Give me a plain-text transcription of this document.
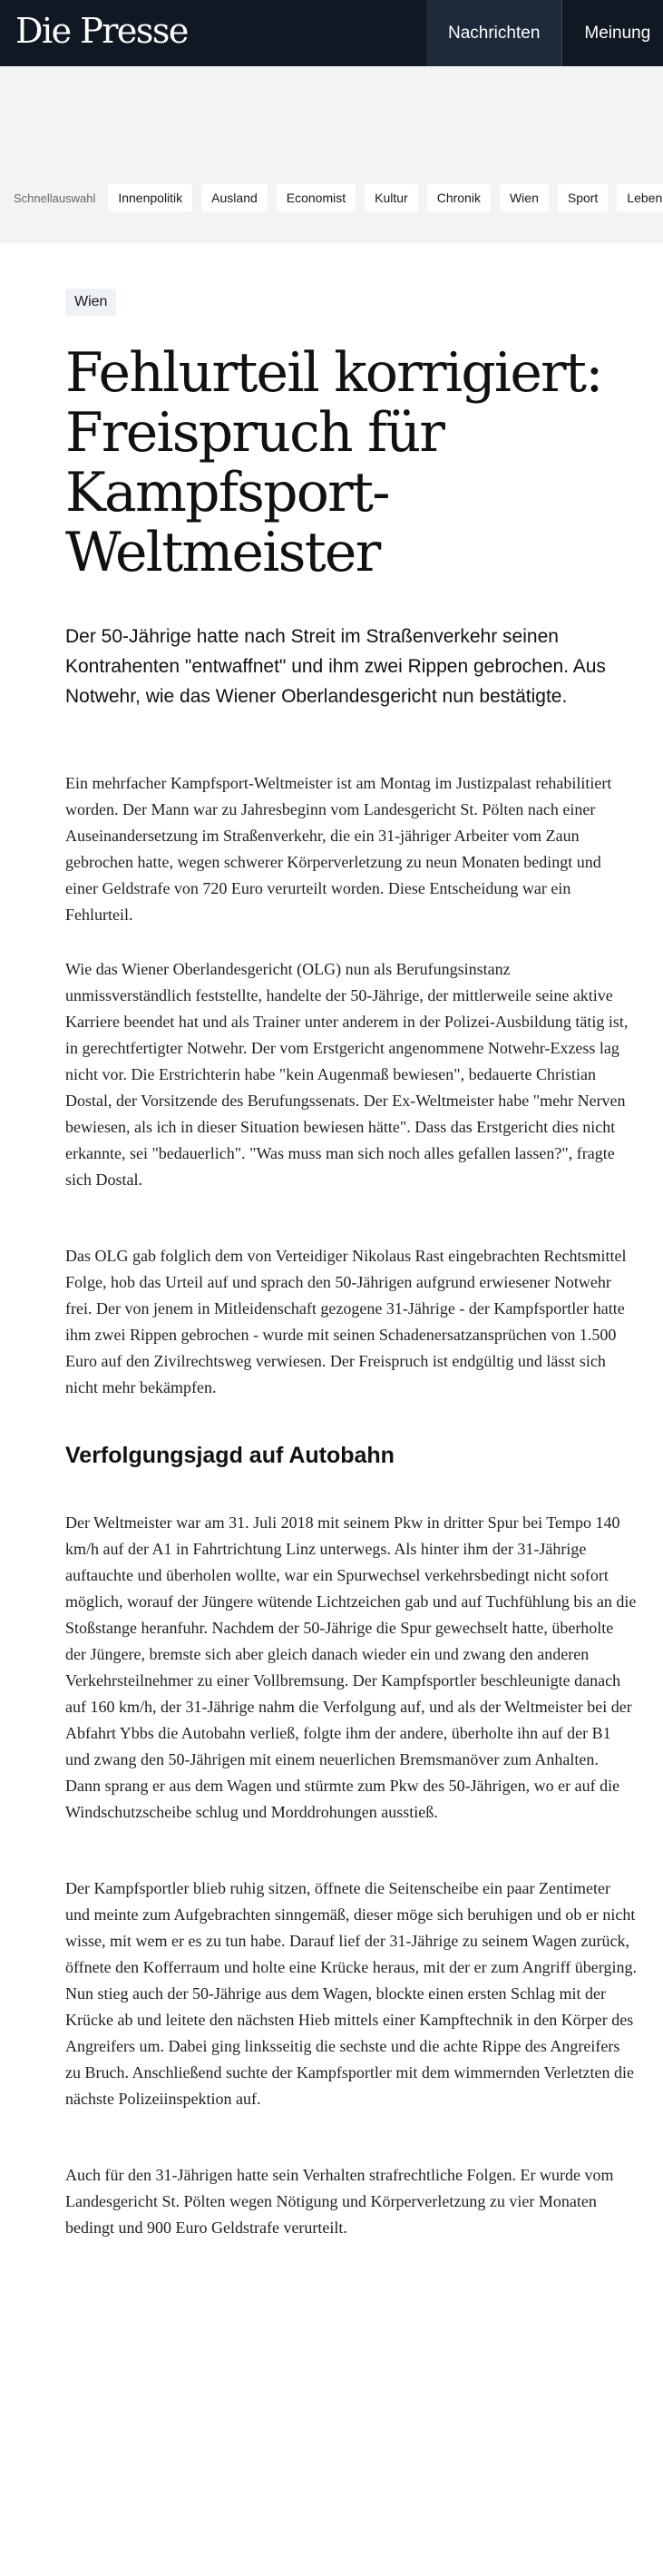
Die Presse	Nachrichten	Meinung
Schnellauswahl	Innenpolitik	Ausland	Economist	Kultur	Chronik	Wien	Sport	Leben
Wien
Fehlurteil korrigiert: Freispruch für Kampfsport-Weltmeister

Der 50-Jährige hatte nach Streit im Straßenverkehr seinen Kontrahenten "entwaffnet" und ihm zwei Rippen gebrochen. Aus Notwehr, wie das Wiener Oberlandesgericht nun bestätigte.

Ein mehrfacher Kampfsport-Weltmeister ist am Montag im Justizpalast rehabilitiert worden. Der Mann war zu Jahresbeginn vom Landesgericht St. Pölten nach einer Auseinandersetzung im Straßenverkehr, die ein 31-jähriger Arbeiter vom Zaun gebrochen hatte, wegen schwerer Körperverletzung zu neun Monaten bedingt und einer Geldstrafe von 720 Euro verurteilt worden. Diese Entscheidung war ein Fehlurteil.

Wie das Wiener Oberlandesgericht (OLG) nun als Berufungsinstanz unmissverständlich feststellte, handelte der 50-Jährige, der mittlerweile seine aktive Karriere beendet hat und als Trainer unter anderem in der Polizei-Ausbildung tätig ist, in gerechtfertigter Notwehr. Der vom Erstgericht angenommene Notwehr-Exzess lag nicht vor. Die Erstrichterin habe "kein Augenmaß bewiesen", bedauerte Christian Dostal, der Vorsitzende des Berufungssenats. Der Ex-Weltmeister habe "mehr Nerven bewiesen, als ich in dieser Situation bewiesen hätte". Dass das Erstgericht dies nicht erkannte, sei "bedauerlich". "Was muss man sich noch alles gefallen lassen?", fragte sich Dostal.

Das OLG gab folglich dem von Verteidiger Nikolaus Rast eingebrachten Rechtsmittel Folge, hob das Urteil auf und sprach den 50-Jährigen aufgrund erwiesener Notwehr frei. Der von jenem in Mitleidenschaft gezogene 31-Jährige - der Kampfsportler hatte ihm zwei Rippen gebrochen - wurde mit seinen Schadenersatzansprüchen von 1.500 Euro auf den Zivilrechtsweg verwiesen. Der Freispruch ist endgültig und lässt sich nicht mehr bekämpfen.

Verfolgungsjagd auf Autobahn

Der Weltmeister war am 31. Juli 2018 mit seinem Pkw in dritter Spur bei Tempo 140 km/h auf der A1 in Fahrtrichtung Linz unterwegs. Als hinter ihm der 31-Jährige auftauchte und überholen wollte, war ein Spurwechsel verkehrsbedingt nicht sofort möglich, worauf der Jüngere wütende Lichtzeichen gab und auf Tuchfühlung bis an die Stoßstange heranfuhr. Nachdem der 50-Jährige die Spur gewechselt hatte, überholte der Jüngere, bremste sich aber gleich danach wieder ein und zwang den anderen Verkehrsteilnehmer zu einer Vollbremsung. Der Kampfsportler beschleunigte danach auf 160 km/h, der 31-Jährige nahm die Verfolgung auf, und als der Weltmeister bei der Abfahrt Ybbs die Autobahn verließ, folgte ihm der andere, überholte ihn auf der B1 und zwang den 50-Jährigen mit einem neuerlichen Bremsmanöver zum Anhalten. Dann sprang er aus dem Wagen und stürmte zum Pkw des 50-Jährigen, wo er auf die Windschutzscheibe schlug und Morddrohungen ausstieß.

Der Kampfsportler blieb ruhig sitzen, öffnete die Seitenscheibe ein paar Zentimeter und meinte zum Aufgebrachten sinngemäß, dieser möge sich beruhigen und ob er nicht wisse, mit wem er es zu tun habe. Darauf lief der 31-Jährige zu seinem Wagen zurück, öffnete den Kofferraum und holte eine Krücke heraus, mit der er zum Angriff überging. Nun stieg auch der 50-Jährige aus dem Wagen, blockte einen ersten Schlag mit der Krücke ab und leitete den nächsten Hieb mittels einer Kampftechnik in den Körper des Angreifers um. Dabei ging linksseitig die sechste und die achte Rippe des Angreifers zu Bruch. Anschließend suchte der Kampfsportler mit dem wimmernden Verletzten die nächste Polizeiinspektion auf.

Auch für den 31-Jährigen hatte sein Verhalten strafrechtliche Folgen. Er wurde vom Landesgericht St. Pölten wegen Nötigung und Körperverletzung zu vier Monaten bedingt und 900 Euro Geldstrafe verurteilt.
